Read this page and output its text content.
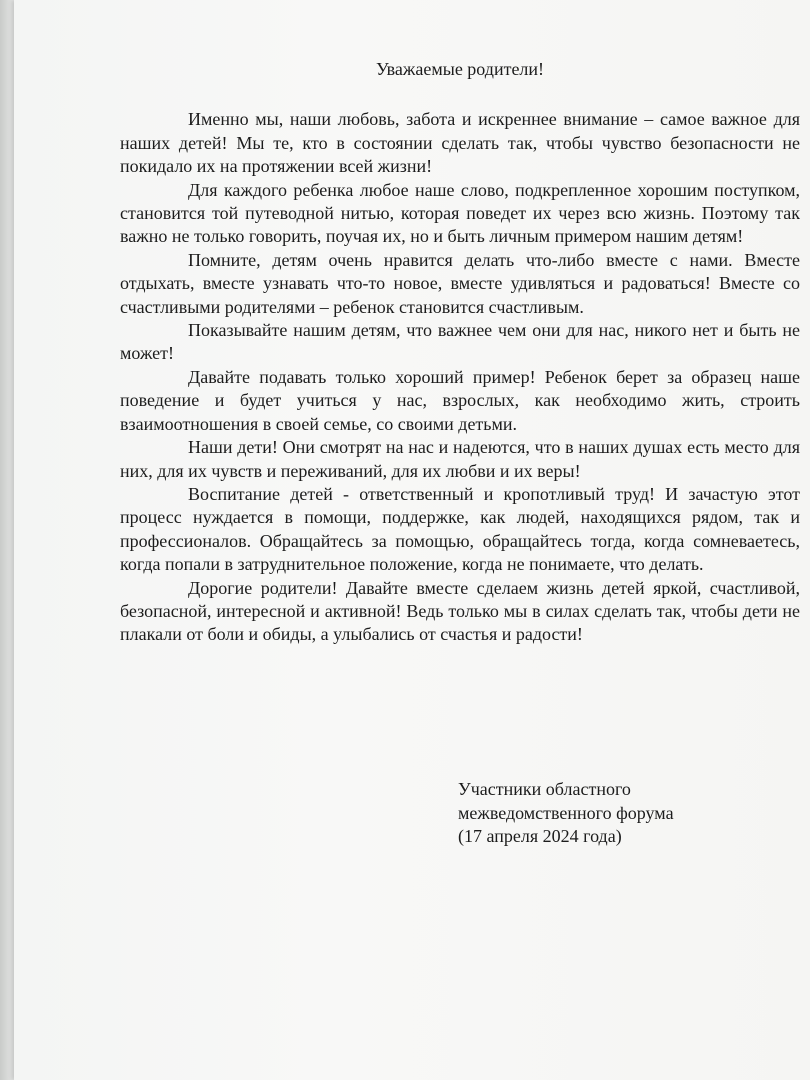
Уважаемые родители!

Именно мы, наши любовь, забота и искреннее внимание – самое важное для наших детей! Мы те, кто в состоянии сделать так, чтобы чувство безопасности не покидало их на протяжении всей жизни!

Для каждого ребенка любое наше слово, подкрепленное хорошим поступком, становится той путеводной нитью, которая поведет их через всю жизнь. Поэтому так важно не только говорить, поучая их, но и быть личным примером нашим детям!

Помните, детям очень нравится делать что-либо вместе с нами. Вместе отдыхать, вместе узнавать что-то новое, вместе удивляться и радоваться! Вместе со счастливыми родителями – ребенок становится счастливым.

Показывайте нашим детям, что важнее чем они для нас, никого нет и быть не может!

Давайте подавать только хороший пример! Ребенок берет за образец наше поведение и будет учиться у нас, взрослых, как необходимо жить, строить взаимоотношения в своей семье, со своими детьми.

Наши дети! Они смотрят на нас и надеются, что в наших душах есть место для них, для их чувств и переживаний, для их любви и их веры!

Воспитание детей - ответственный и кропотливый труд! И зачастую этот процесс нуждается в помощи, поддержке, как людей, находящихся рядом, так и профессионалов. Обращайтесь за помощью, обращайтесь тогда, когда сомневаетесь, когда попали в затруднительное положение, когда не понимаете, что делать.

Дорогие родители! Давайте вместе сделаем жизнь детей яркой, счастливой, безопасной, интересной и активной! Ведь только мы в силах сделать так, чтобы дети не плакали от боли и обиды, а улыбались от счастья и радости!

Участники областного
межведомственного форума
(17 апреля 2024 года)
